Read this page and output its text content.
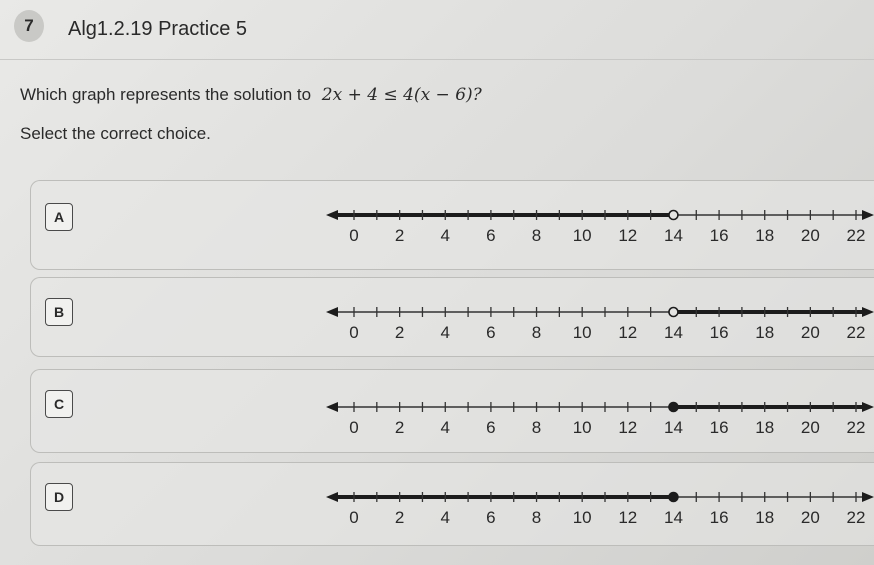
7	Alg1.2.19 Practice 5
Which graph represents the solution to 2x + 4 ≤ 4(x − 6)?
Select the correct choice.
A
0 2 4 6 8 10 12 14 16 18 20 22
B
0 2 4 6 8 10 12 14 16 18 20 22
C
0 2 4 6 8 10 12 14 16 18 20 22
D
0 2 4 6 8 10 12 14 16 18 20 22
